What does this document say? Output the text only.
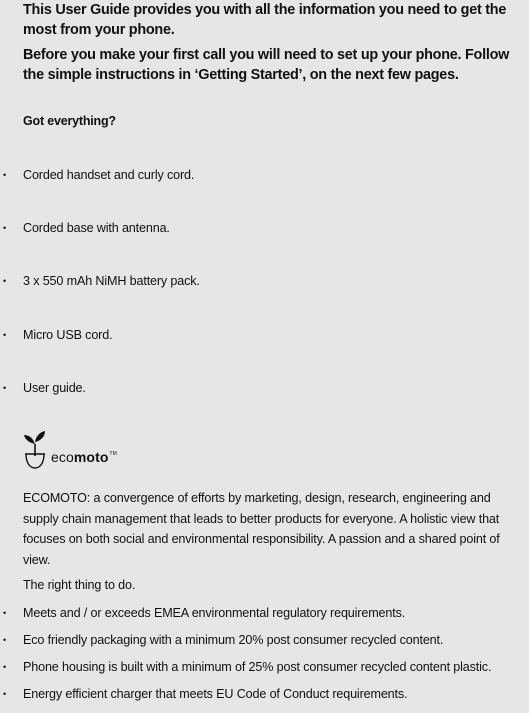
This User Guide provides you with all the information you need to get the most from your phone.

Before you make your first call you will need to set up your phone. Follow the simple instructions in ‘Getting Started’, on the next few pages.

Got everything?
• Corded handset and curly cord.
• Corded base with antenna.
• 3 x 550 mAh NiMH battery pack.
• Micro USB cord.
• User guide.
ecomoto™

ECOMOTO: a convergence of efforts by marketing, design, research, engineering and supply chain management that leads to better products for everyone. A holistic view that focuses on both social and environmental responsibility. A passion and a shared point of view.

The right thing to do.
• Meets and / or exceeds EMEA environmental regulatory requirements.
• Eco friendly packaging with a minimum 20% post consumer recycled content.
• Phone housing is built with a minimum of 25% post consumer recycled content plastic.
• Energy efficient charger that meets EU Code of Conduct requirements.
